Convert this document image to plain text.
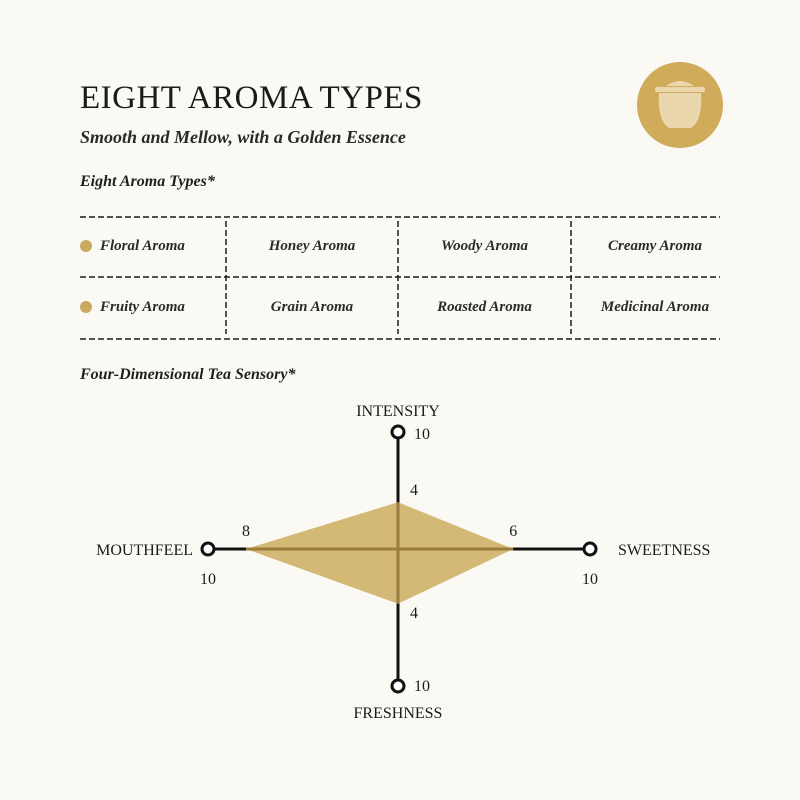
EIGHT AROMA TYPES
Smooth and Mellow, with a Golden Essence
Eight Aroma Types*
Floral Aroma	Honey Aroma	Woody Aroma	Creamy Aroma
Fruity Aroma	Grain Aroma	Roasted Aroma	Medicinal Aroma
Four-Dimensional Tea Sensory*
INTENSITY
SWEETNESS
FRESHNESS
MOUTHFEEL
10
10
10
10
4
6
4
8
